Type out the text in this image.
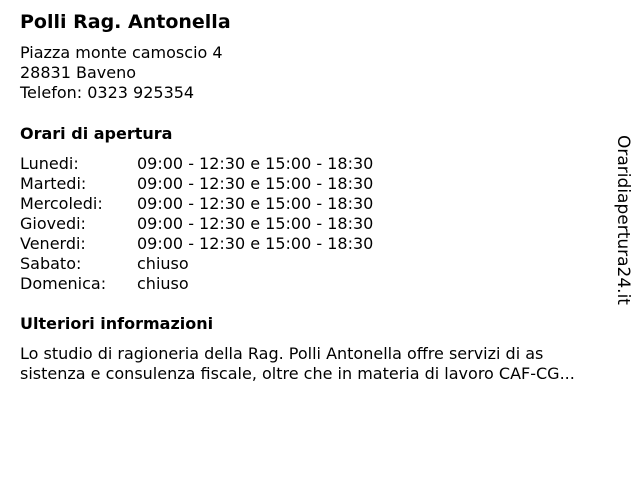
Polli Rag. Antonella
Piazza monte camoscio 4
28831 Baveno
Telefon: 0323 925354
Orari di apertura
Lunedi:	09:00 - 12:30 e 15:00 - 18:30
Martedi:	09:00 - 12:30 e 15:00 - 18:30
Mercoledi:	09:00 - 12:30 e 15:00 - 18:30
Giovedi:	09:00 - 12:30 e 15:00 - 18:30
Venerdi:	09:00 - 12:30 e 15:00 - 18:30
Sabato:	chiuso
Domenica:	chiuso
Ulteriori informazioni
Lo studio di ragioneria della Rag. Polli Antonella offre servizi di as
sistenza e consulenza fiscale, oltre che in materia di lavoro CAF-CG...
Oraridiapertura24.it
